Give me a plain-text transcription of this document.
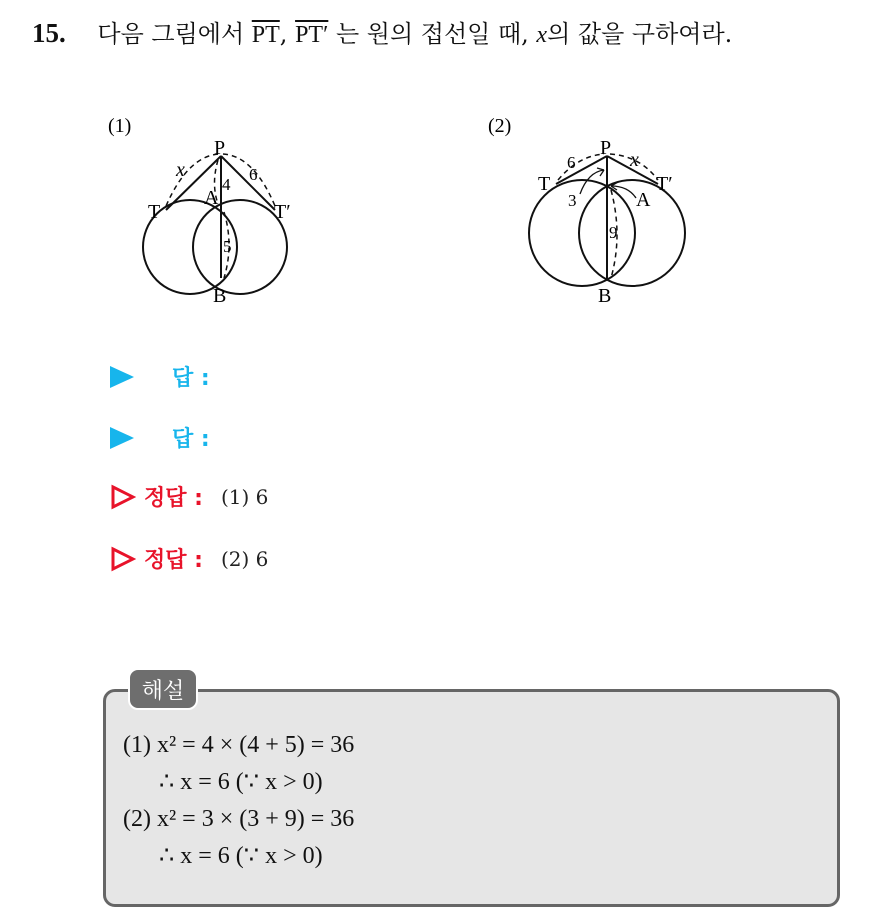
15. 다음 그림에서 $\overline{PT}$, PT′ 는 원의 접선일 때, x의 값을 구하여라.
(1)
P
A
B
T	T′
x
4
6
5
(2)
P
A
B
T	T′
6	x
3
9
답 :
답 :
정답 : (1) 6
정답 : (2) 6
해설
(1) x² = 4 × (4 + 5) = 36
∴ x = 6 (∵ x > 0)
(2) x² = 3 × (3 + 9) = 36
∴ x = 6 (∵ x > 0)
